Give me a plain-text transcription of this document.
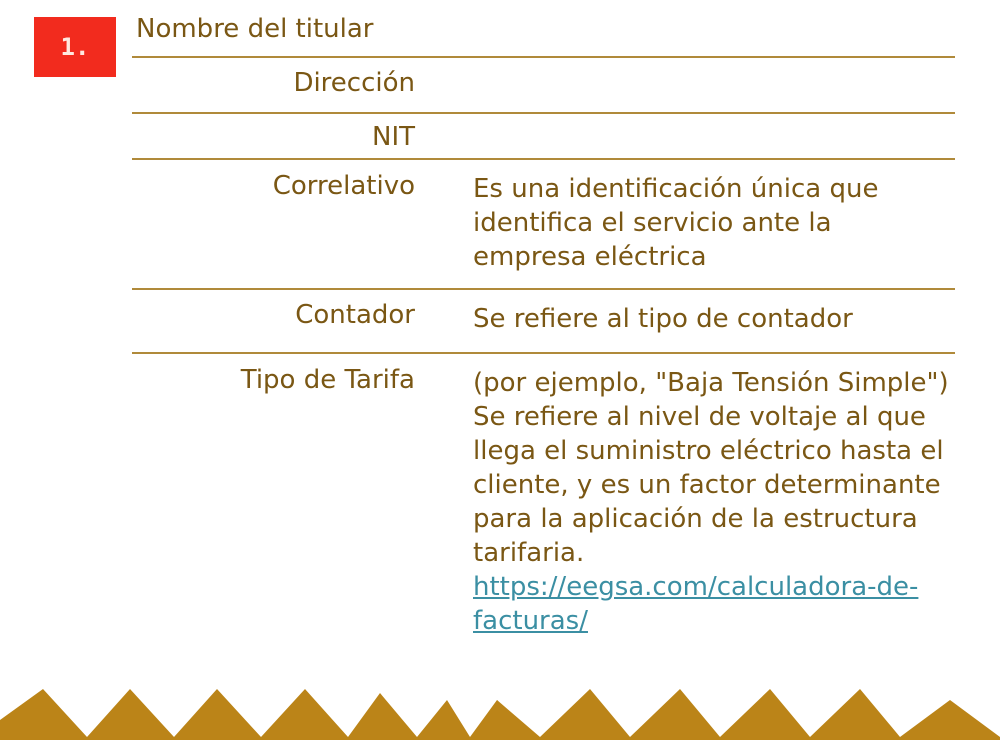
1.
Nombre del titular
Dirección
NIT
Correlativo Es una identificación única que identifica el servicio ante la empresa eléctrica
Contador Se refiere al tipo de contador
Tipo de Tarifa (por ejemplo, "Baja Tensión Simple") Se refiere al nivel de voltaje al que llega el suministro eléctrico hasta el cliente, y es un factor determinante para la aplicación de la estructura tarifaria. https://eegsa.com/calculadora-de-facturas/
